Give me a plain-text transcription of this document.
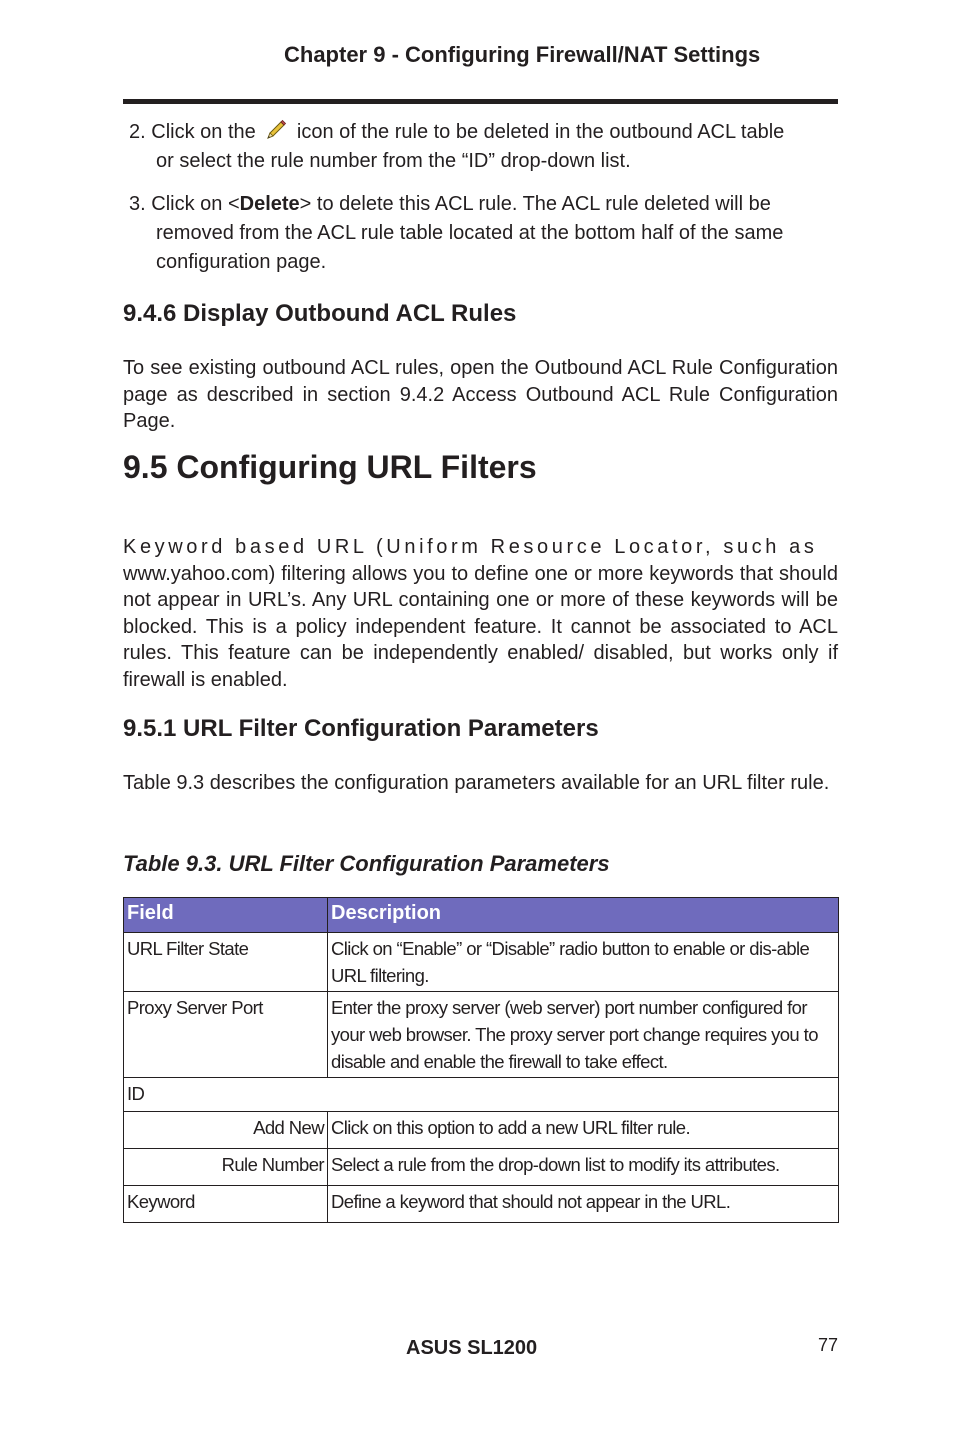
Chapter 9 - Configuring Firewall/NAT Settings
2. Click on the icon of the rule to be deleted in the outbound ACL table
or select the rule number from the “ID” drop-down list.
3. Click on <Delete> to delete this ACL rule. The ACL rule deleted will be
removed from the ACL rule table located at the bottom half of the same configuration page.
9.4.6 Display Outbound ACL Rules
To see existing outbound ACL rules, open the Outbound ACL Rule Configuration page as described in section 9.4.2 Access Outbound ACL Rule Configuration Page.
9.5 Configuring URL Filters
Keyword based URL (Uniform Resource Locator, such as
www.yahoo.com) filtering allows you to define one or more keywords that should not appear in URL’s. Any URL containing one or more of these keywords will be blocked. This is a policy independent feature. It cannot be associated to ACL rules. This feature can be independently enabled/ disabled, but works only if firewall is enabled.
9.5.1 URL Filter Configuration Parameters
Table 9.3 describes the configuration parameters available for an URL filter rule.
Table 9.3. URL Filter Configuration Parameters
Field	Description
URL Filter State	Click on “Enable” or “Disable” radio button to enable or dis-able URL filtering.
Proxy Server Port	Enter the proxy server (web server) port number configured for your web browser. The proxy server port change requires you to disable and enable the firewall to take effect.
ID	
Add New	Click on this option to add a new URL filter rule.
Rule Number	Select a rule from the drop-down list to modify its attributes.
Keyword	Define a keyword that should not appear in the URL.
ASUS SL1200	77
